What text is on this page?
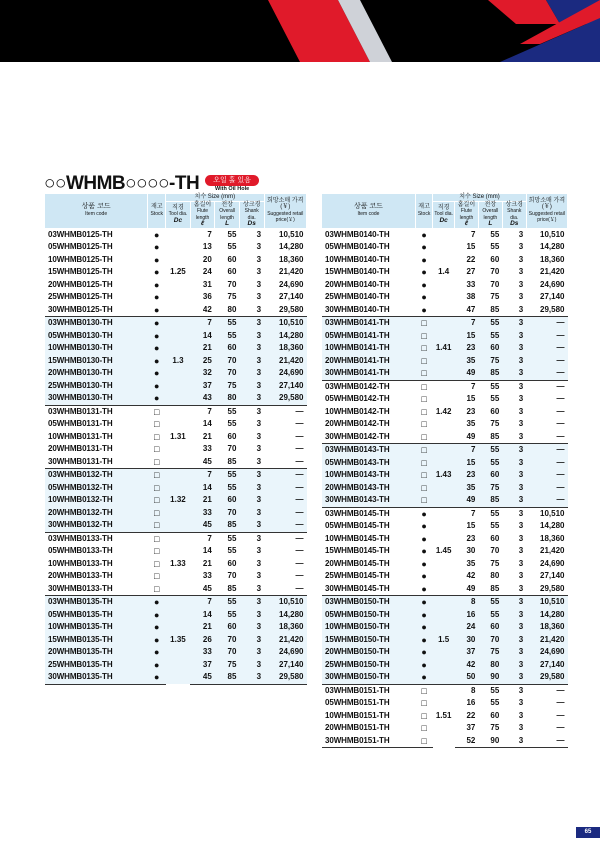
○○WHMB○○○○-TH	오일 홀 있음
With Oil Hole
상품 코드
Item code	재고
Stock	치수 Size (mm)				희망소매 가격(￥)
Suggested retail price(￥)

		직경
Tool dia.
Dc	홈길이
Flute length
ℓ	전장
Overall length
L	상크경
Shank dia.
Ds	

03WHMB0125-TH	●	1.25	7	55	3	10,510
05WHMB0125-TH	●		13	55	3	14,280
10WHMB0125-TH	●		20	60	3	18,360
15WHMB0125-TH	●		24	60	3	21,420
20WHMB0125-TH	●		31	70	3	24,690
25WHMB0125-TH	●		36	75	3	27,140
30WHMB0125-TH	●		42	80	3	29,580
03WHMB0130-TH	●	1.3	7	55	3	10,510
05WHMB0130-TH	●		14	55	3	14,280
10WHMB0130-TH	●		21	60	3	18,360
15WHMB0130-TH	●		25	70	3	21,420
20WHMB0130-TH	●		32	70	3	24,690
25WHMB0130-TH	●		37	75	3	27,140
30WHMB0130-TH	●		43	80	3	29,580
03WHMB0131-TH	□	1.31	7	55	3	—
05WHMB0131-TH	□		14	55	3	—
10WHMB0131-TH	□		21	60	3	—
20WHMB0131-TH	□		33	70	3	—
30WHMB0131-TH	□		45	85	3	—
03WHMB0132-TH	□	1.32	7	55	3	—
05WHMB0132-TH	□		14	55	3	—
10WHMB0132-TH	□		21	60	3	—
20WHMB0132-TH	□		33	70	3	—
30WHMB0132-TH	□		45	85	3	—
03WHMB0133-TH	□	1.33	7	55	3	—
05WHMB0133-TH	□		14	55	3	—
10WHMB0133-TH	□		21	60	3	—
20WHMB0133-TH	□		33	70	3	—
30WHMB0133-TH	□		45	85	3	—
03WHMB0135-TH	●	1.35	7	55	3	10,510
05WHMB0135-TH	●		14	55	3	14,280
10WHMB0135-TH	●		21	60	3	18,360
15WHMB0135-TH	●		26	70	3	21,420
20WHMB0135-TH	●		33	70	3	24,690
25WHMB0135-TH	●		37	75	3	27,140
30WHMB0135-TH	●		45	85	3	29,580
상품 코드
Item code	재고
Stock	치수 Size (mm)				희망소매 가격(￥)
Suggested retail price(￥)

		직경
Tool dia.
Dc	홈길이
Flute length
ℓ	전장
Overall length
L	상크경
Shank dia.
Ds	

03WHMB0140-TH	●	1.4	7	55	3	10,510
05WHMB0140-TH	●		15	55	3	14,280
10WHMB0140-TH	●		22	60	3	18,360
15WHMB0140-TH	●		27	70	3	21,420
20WHMB0140-TH	●		33	70	3	24,690
25WHMB0140-TH	●		38	75	3	27,140
30WHMB0140-TH	●		47	85	3	29,580
03WHMB0141-TH	□	1.41	7	55	3	—
05WHMB0141-TH	□		15	55	3	—
10WHMB0141-TH	□		23	60	3	—
20WHMB0141-TH	□		35	75	3	—
30WHMB0141-TH	□		49	85	3	—
03WHMB0142-TH	□	1.42	7	55	3	—
05WHMB0142-TH	□		15	55	3	—
10WHMB0142-TH	□		23	60	3	—
20WHMB0142-TH	□		35	75	3	—
30WHMB0142-TH	□		49	85	3	—
03WHMB0143-TH	□	1.43	7	55	3	—
05WHMB0143-TH	□		15	55	3	—
10WHMB0143-TH	□		23	60	3	—
20WHMB0143-TH	□		35	75	3	—
30WHMB0143-TH	□		49	85	3	—
03WHMB0145-TH	●	1.45	7	55	3	10,510
05WHMB0145-TH	●		15	55	3	14,280
10WHMB0145-TH	●		23	60	3	18,360
15WHMB0145-TH	●		30	70	3	21,420
20WHMB0145-TH	●		35	75	3	24,690
25WHMB0145-TH	●		42	80	3	27,140
30WHMB0145-TH	●		49	85	3	29,580
03WHMB0150-TH	●	1.5	8	55	3	10,510
05WHMB0150-TH	●		16	55	3	14,280
10WHMB0150-TH	●		24	60	3	18,360
15WHMB0150-TH	●		30	70	3	21,420
20WHMB0150-TH	●		37	75	3	24,690
25WHMB0150-TH	●		42	80	3	27,140
30WHMB0150-TH	●		50	90	3	29,580
03WHMB0151-TH	□	1.51	8	55	3	—
05WHMB0151-TH	□		16	55	3	—
10WHMB0151-TH	□		22	60	3	—
20WHMB0151-TH	□		37	75	3	—
30WHMB0151-TH	□		52	90	3	—
65
